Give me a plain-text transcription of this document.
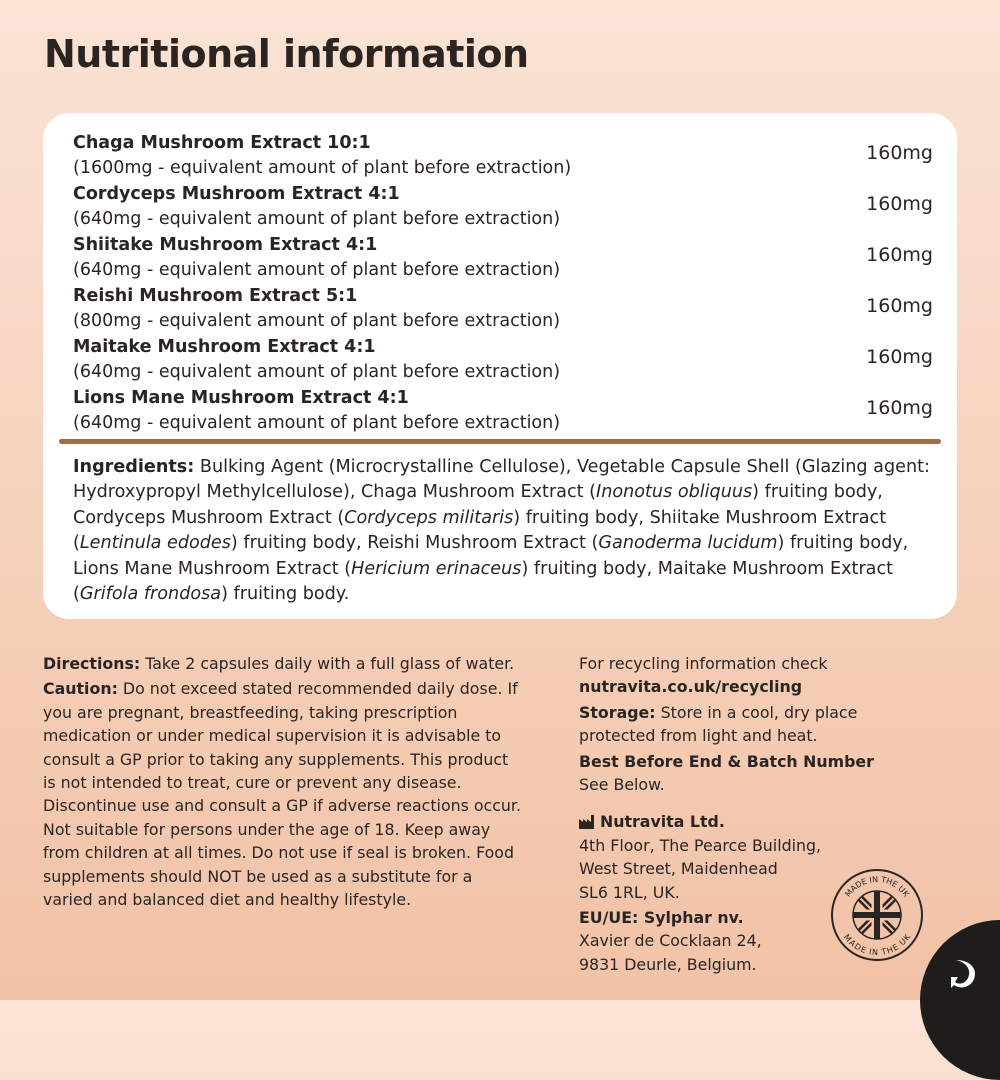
Nutritional information
Chaga Mushroom Extract 10:1
(1600mg - equivalent amount of plant before extraction)
160mg
Cordyceps Mushroom Extract 4:1
(640mg - equivalent amount of plant before extraction)
160mg
Shiitake Mushroom Extract 4:1
(640mg - equivalent amount of plant before extraction)
160mg
Reishi Mushroom Extract 5:1
(800mg - equivalent amount of plant before extraction)
160mg
Maitake Mushroom Extract 4:1
(640mg - equivalent amount of plant before extraction)
160mg
Lions Mane Mushroom Extract 4:1
(640mg - equivalent amount of plant before extraction)
160mg

Ingredients: Bulking Agent (Microcrystalline Cellulose), Vegetable Capsule Shell (Glazing agent: Hydroxypropyl Methylcellulose), Chaga Mushroom Extract (Inonotus obliquus) fruiting body, Cordyceps Mushroom Extract (Cordyceps militaris) fruiting body, Shiitake Mushroom Extract (Lentinula edodes) fruiting body, Reishi Mushroom Extract (Ganoderma lucidum) fruiting body, Lions Mane Mushroom Extract (Hericium erinaceus) fruiting body, Maitake Mushroom Extract (Grifola frondosa) fruiting body.

Directions: Take 2 capsules daily with a full glass of water.

Caution: Do not exceed stated recommended daily dose. If you are pregnant, breastfeeding, taking prescription medication or under medical supervision it is advisable to consult a GP prior to taking any supplements. This product is not intended to treat, cure or prevent any disease. Discontinue use and consult a GP if adverse reactions occur. Not suitable for persons under the age of 18. Keep away from children at all times. Do not use if seal is broken. Food supplements should NOT be used as a substitute for a varied and balanced diet and healthy lifestyle.

For recycling information check

nutravita.co.uk/recycling

Storage: Store in a cool, dry place protected from light and heat.

Best Before End & Batch Number

See Below.

Nutravita Ltd.

4th Floor, The Pearce Building,

West Street, Maidenhead

SL6 1RL, UK.

EU/UE: Sylphar nv.

Xavier de Cocklaan 24,

9831 Deurle, Belgium.

MADE IN THE UK
MADE IN THE UK
